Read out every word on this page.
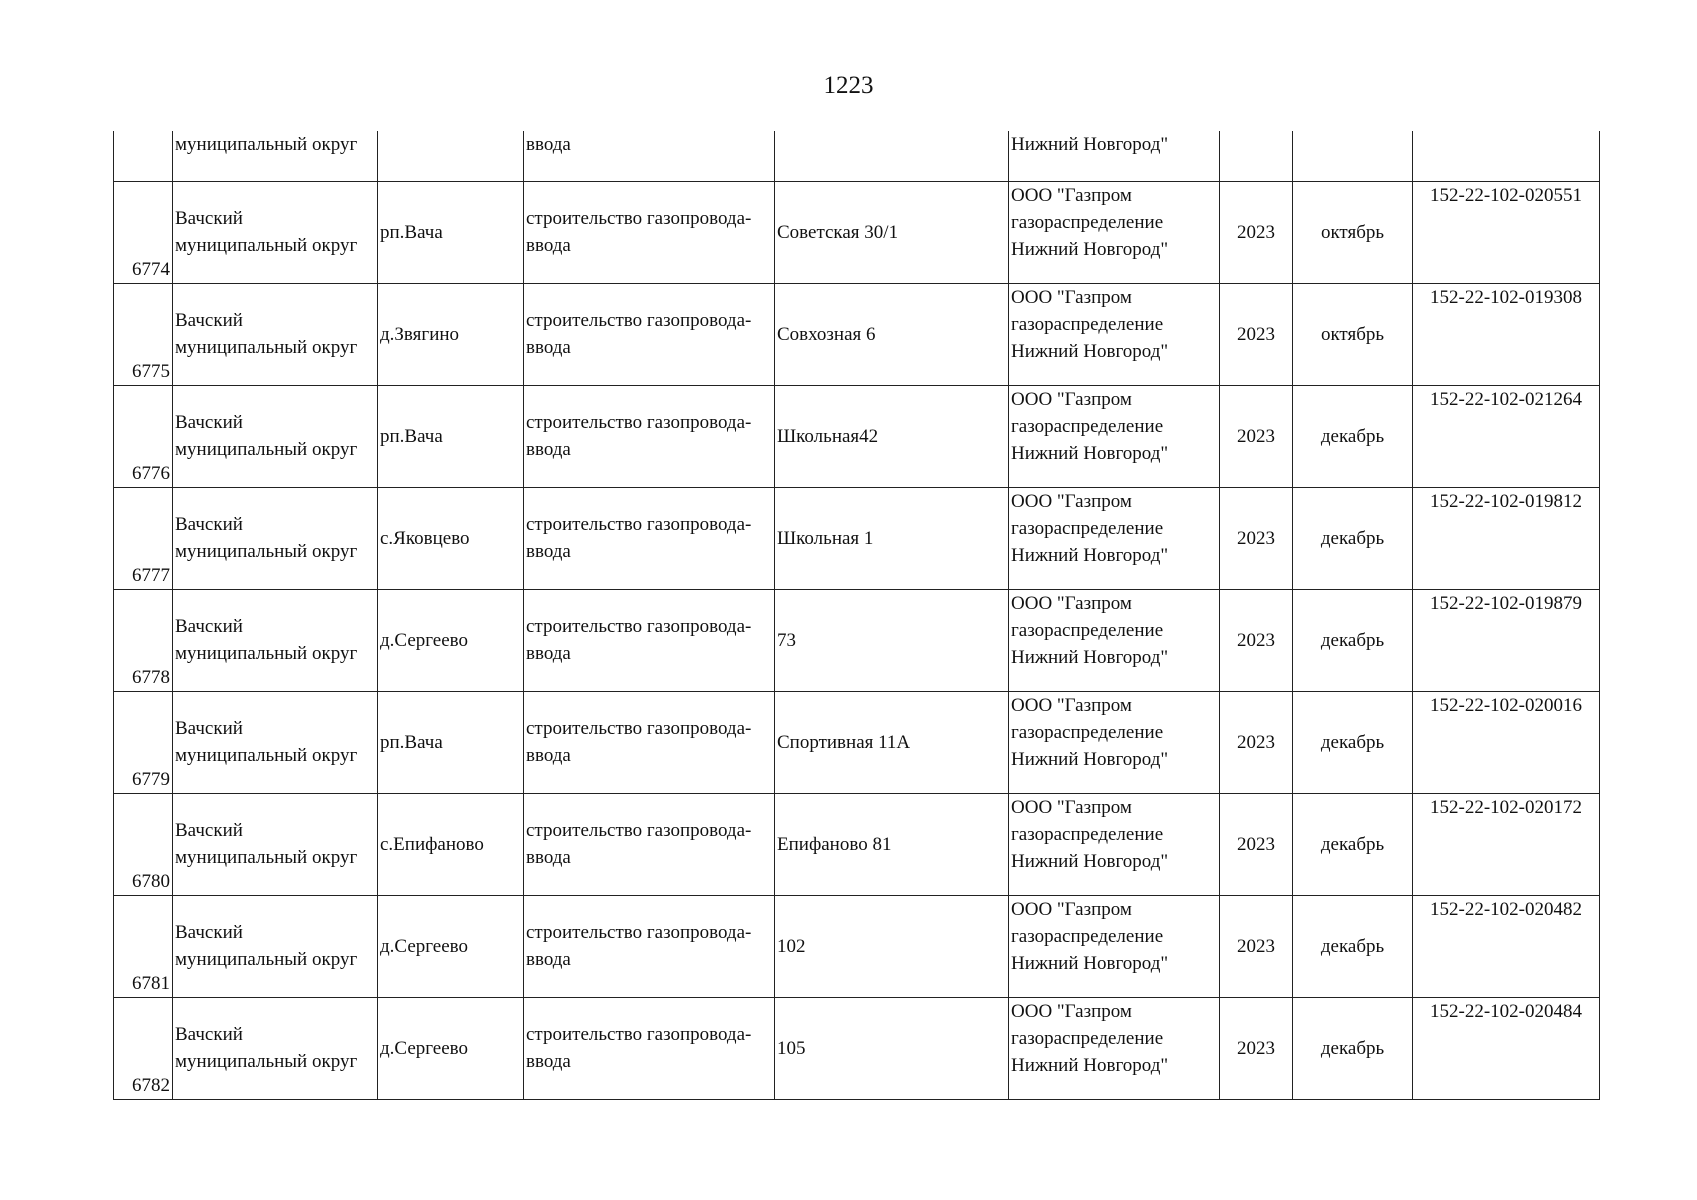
1223

	муниципальный округ		ввода		Нижний Новгород"			

6774	Вачский
муниципальный округ	рп.Вача	строительство газопровода-
ввода	Советская 30/1	ООО "Газпром
газораспределение
Нижний Новгород"	2023	октябрь	152-22-102-020551

6775	Вачский
муниципальный округ	д.Звягино	строительство газопровода-
ввода	Совхозная 6	ООО "Газпром
газораспределение
Нижний Новгород"	2023	октябрь	152-22-102-019308

6776	Вачский
муниципальный округ	рп.Вача	строительство газопровода-
ввода	Школьная42	ООО "Газпром
газораспределение
Нижний Новгород"	2023	декабрь	152-22-102-021264

6777	Вачский
муниципальный округ	с.Яковцево	строительство газопровода-
ввода	Школьная 1	ООО "Газпром
газораспределение
Нижний Новгород"	2023	декабрь	152-22-102-019812

6778	Вачский
муниципальный округ	д.Сергеево	строительство газопровода-
ввода	73	ООО "Газпром
газораспределение
Нижний Новгород"	2023	декабрь	152-22-102-019879

6779	Вачский
муниципальный округ	рп.Вача	строительство газопровода-
ввода	Спортивная 11А	ООО "Газпром
газораспределение
Нижний Новгород"	2023	декабрь	152-22-102-020016

6780	Вачский
муниципальный округ	с.Епифаново	строительство газопровода-
ввода	Епифаново 81	ООО "Газпром
газораспределение
Нижний Новгород"	2023	декабрь	152-22-102-020172

6781	Вачский
муниципальный округ	д.Сергеево	строительство газопровода-
ввода	102	ООО "Газпром
газораспределение
Нижний Новгород"	2023	декабрь	152-22-102-020482

6782	Вачский
муниципальный округ	д.Сергеево	строительство газопровода-
ввода	105	ООО "Газпром
газораспределение
Нижний Новгород"	2023	декабрь	152-22-102-020484
